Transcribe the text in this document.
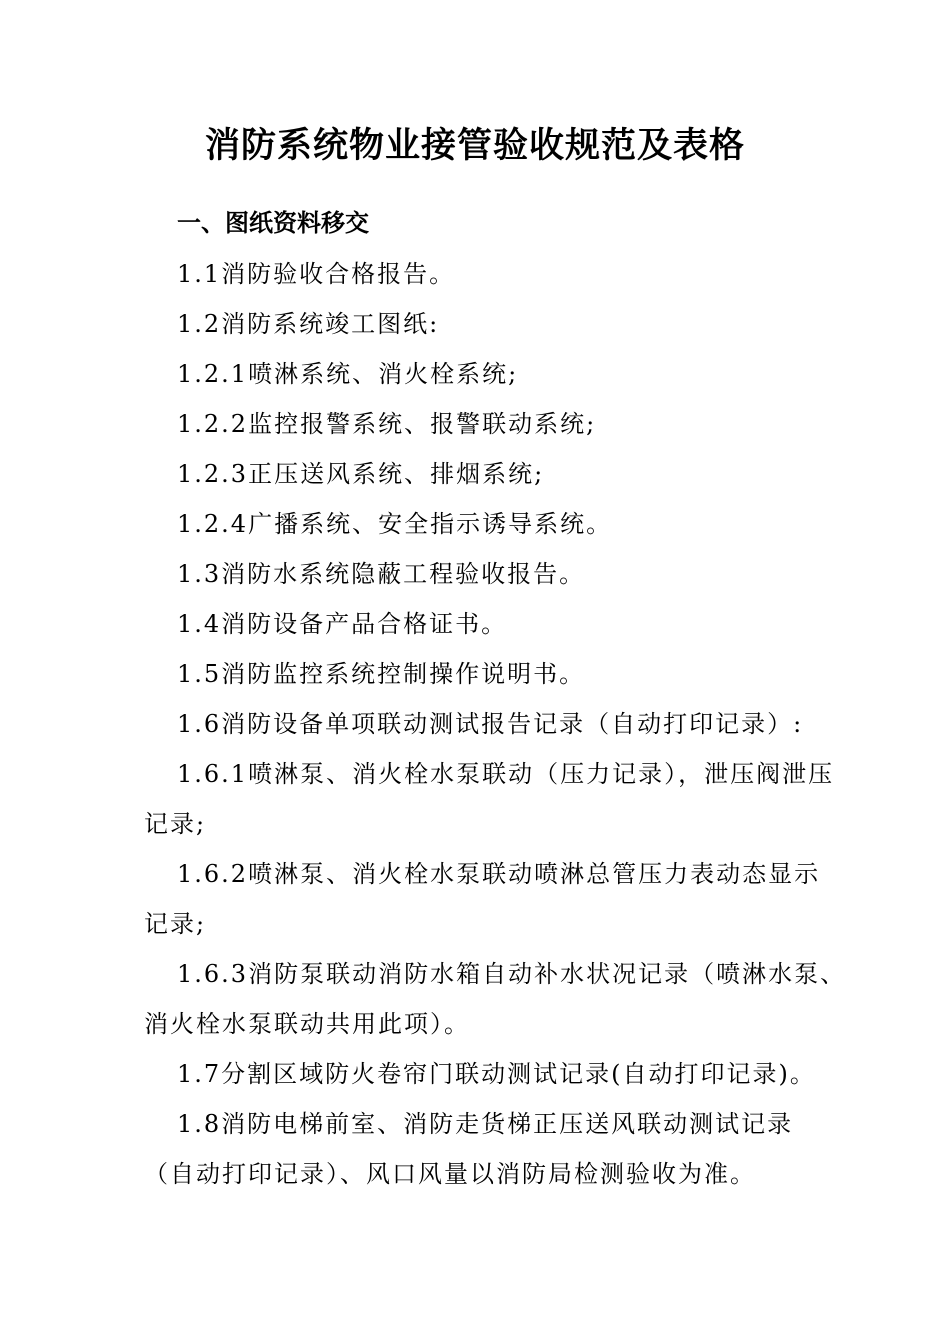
消防系统物业接管验收规范及表格
一、图纸资料移交
1.1消防验收合格报告。
1.2消防系统竣工图纸:
1.2.1喷淋系统、消火栓系统;
1.2.2监控报警系统、报警联动系统;
1.2.3正压送风系统、排烟系统;
1.2.4广播系统、安全指示诱导系统。
1.3消防水系统隐蔽工程验收报告。
1.4消防设备产品合格证书。
1.5消防监控系统控制操作说明书。
1.6消防设备单项联动测试报告记录（自动打印记录）:
1.6.1喷淋泵、消火栓水泵联动（压力记录），泄压阀泄压
记录;
1.6.2喷淋泵、消火栓水泵联动喷淋总管压力表动态显示
记录;
1.6.3消防泵联动消防水箱自动补水状况记录（喷淋水泵、
消火栓水泵联动共用此项）。
1.7分割区域防火卷帘门联动测试记录(自动打印记录)。
1.8消防电梯前室、消防走货梯正压送风联动测试记录
（自动打印记录）、风口风量以消防局检测验收为准。
